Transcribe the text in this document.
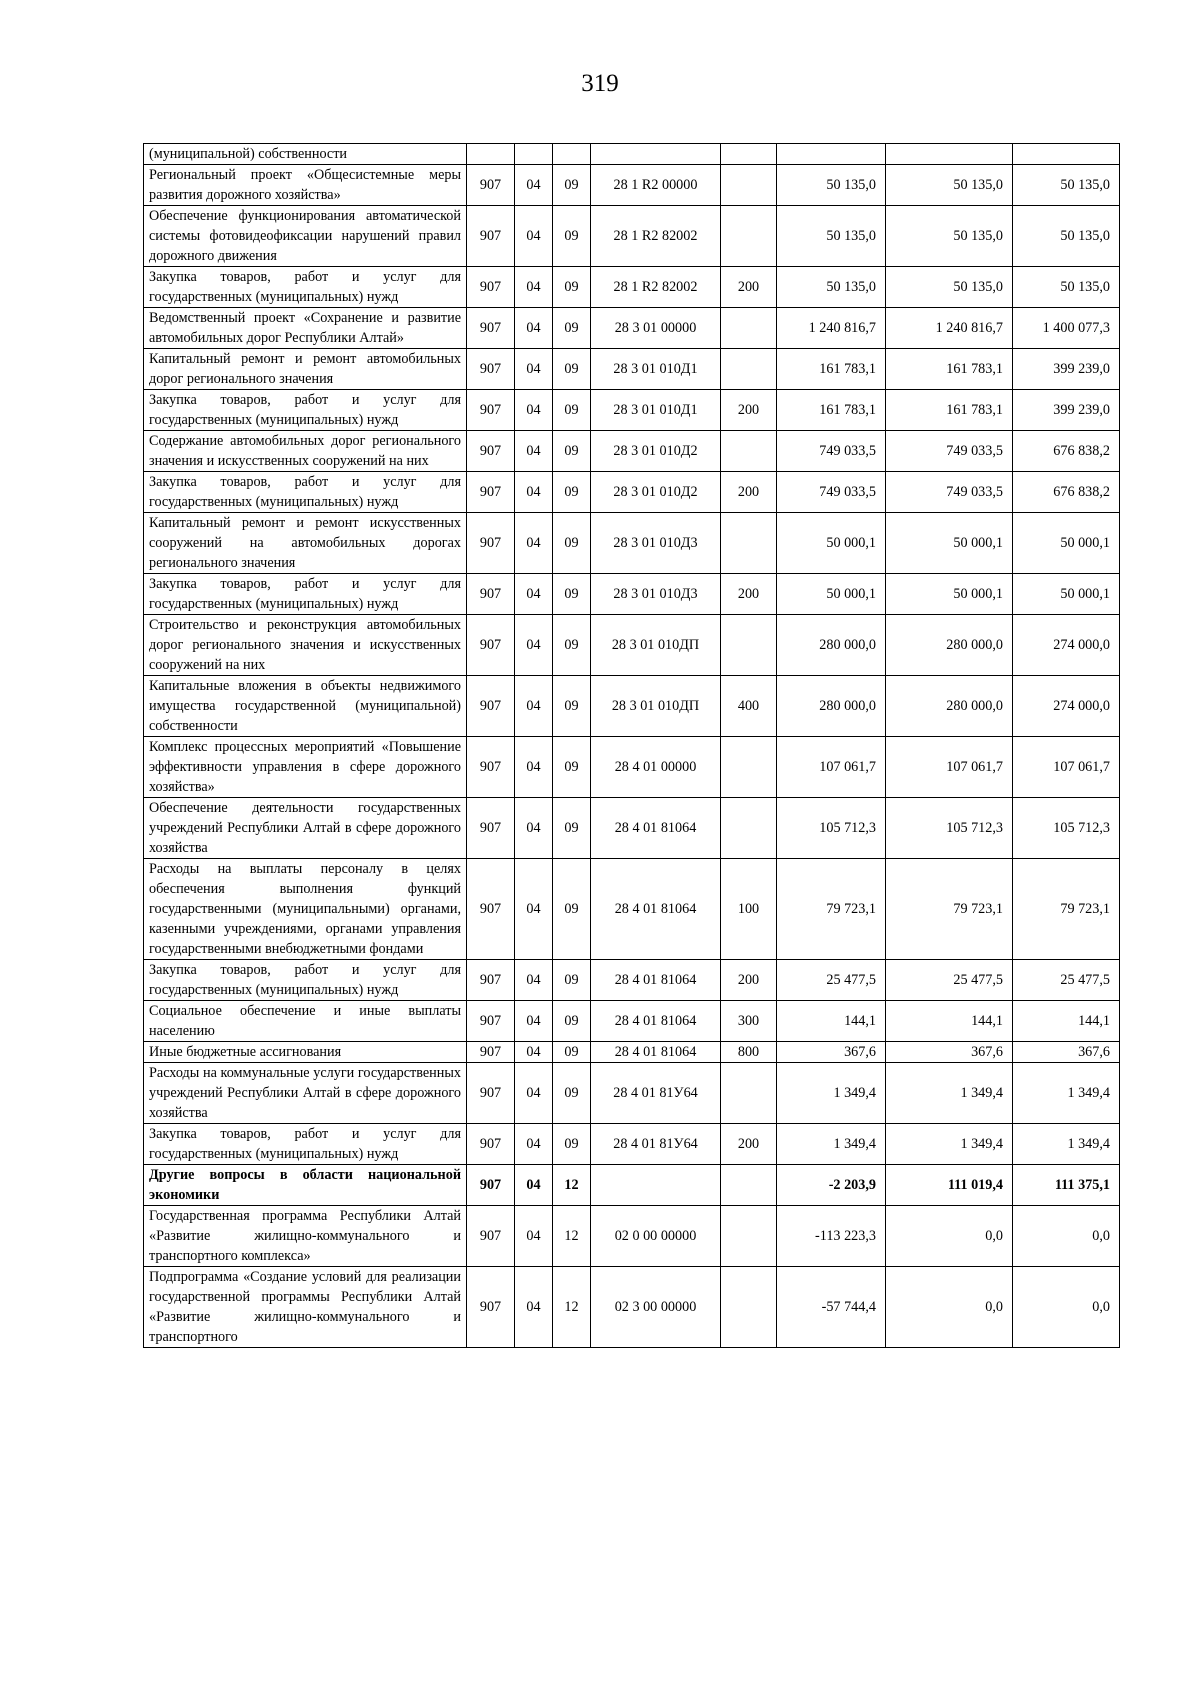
319
(муниципальной) собственности								
Региональный проект «Общесистемные меры развития дорожного хозяйства»	907	04	09	28 1 R2 00000		50 135,0	50 135,0	50 135,0
Обеспечение функционирования автоматической системы фотовидеофиксации нарушений правил дорожного движения	907	04	09	28 1 R2 82002		50 135,0	50 135,0	50 135,0
Закупка товаров, работ и услуг для государственных (муниципальных) нужд	907	04	09	28 1 R2 82002	200	50 135,0	50 135,0	50 135,0
Ведомственный проект «Сохранение и развитие автомобильных дорог Республики Алтай»	907	04	09	28 3 01 00000		1 240 816,7	1 240 816,7	1 400 077,3
Капитальный ремонт и ремонт автомобильных дорог регионального значения	907	04	09	28 3 01 010Д1		161 783,1	161 783,1	399 239,0
Закупка товаров, работ и услуг для государственных (муниципальных) нужд	907	04	09	28 3 01 010Д1	200	161 783,1	161 783,1	399 239,0
Содержание автомобильных дорог регионального значения и искусственных сооружений на них	907	04	09	28 3 01 010Д2		749 033,5	749 033,5	676 838,2
Закупка товаров, работ и услуг для государственных (муниципальных) нужд	907	04	09	28 3 01 010Д2	200	749 033,5	749 033,5	676 838,2
Капитальный ремонт и ремонт искусственных сооружений на автомобильных дорогах регионального значения	907	04	09	28 3 01 010Д3		50 000,1	50 000,1	50 000,1
Закупка товаров, работ и услуг для государственных (муниципальных) нужд	907	04	09	28 3 01 010Д3	200	50 000,1	50 000,1	50 000,1
Строительство и реконструкция автомобильных дорог регионального значения и искусственных сооружений на них	907	04	09	28 3 01 010ДП		280 000,0	280 000,0	274 000,0
Капитальные вложения в объекты недвижимого имущества государственной (муниципальной) собственности	907	04	09	28 3 01 010ДП	400	280 000,0	280 000,0	274 000,0
Комплекс процессных мероприятий «Повышение эффективности управления в сфере дорожного хозяйства»	907	04	09	28 4 01 00000		107 061,7	107 061,7	107 061,7
Обеспечение деятельности государственных учреждений Республики Алтай в сфере дорожного хозяйства	907	04	09	28 4 01 81064		105 712,3	105 712,3	105 712,3
Расходы на выплаты персоналу в целях обеспечения выполнения функций государственными (муниципальными) органами, казенными учреждениями, органами управления государственными внебюджетными фондами	907	04	09	28 4 01 81064	100	79 723,1	79 723,1	79 723,1
Закупка товаров, работ и услуг для государственных (муниципальных) нужд	907	04	09	28 4 01 81064	200	25 477,5	25 477,5	25 477,5
Социальное обеспечение и иные выплаты населению	907	04	09	28 4 01 81064	300	144,1	144,1	144,1
Иные бюджетные ассигнования	907	04	09	28 4 01 81064	800	367,6	367,6	367,6
Расходы на коммунальные услуги государственных учреждений Республики Алтай в сфере дорожного хозяйства	907	04	09	28 4 01 81У64		1 349,4	1 349,4	1 349,4
Закупка товаров, работ и услуг для государственных (муниципальных) нужд	907	04	09	28 4 01 81У64	200	1 349,4	1 349,4	1 349,4
Другие вопросы в области национальной экономики	907	04	12			-2 203,9	111 019,4	111 375,1
Государственная программа Республики Алтай «Развитие жилищно-коммунального и транспортного комплекса»	907	04	12	02 0 00 00000		-113 223,3	0,0	0,0
Подпрограмма «Создание условий для реализации государственной программы Республики Алтай «Развитие жилищно-коммунального и транспортного	907	04	12	02 3 00 00000		-57 744,4	0,0	0,0
